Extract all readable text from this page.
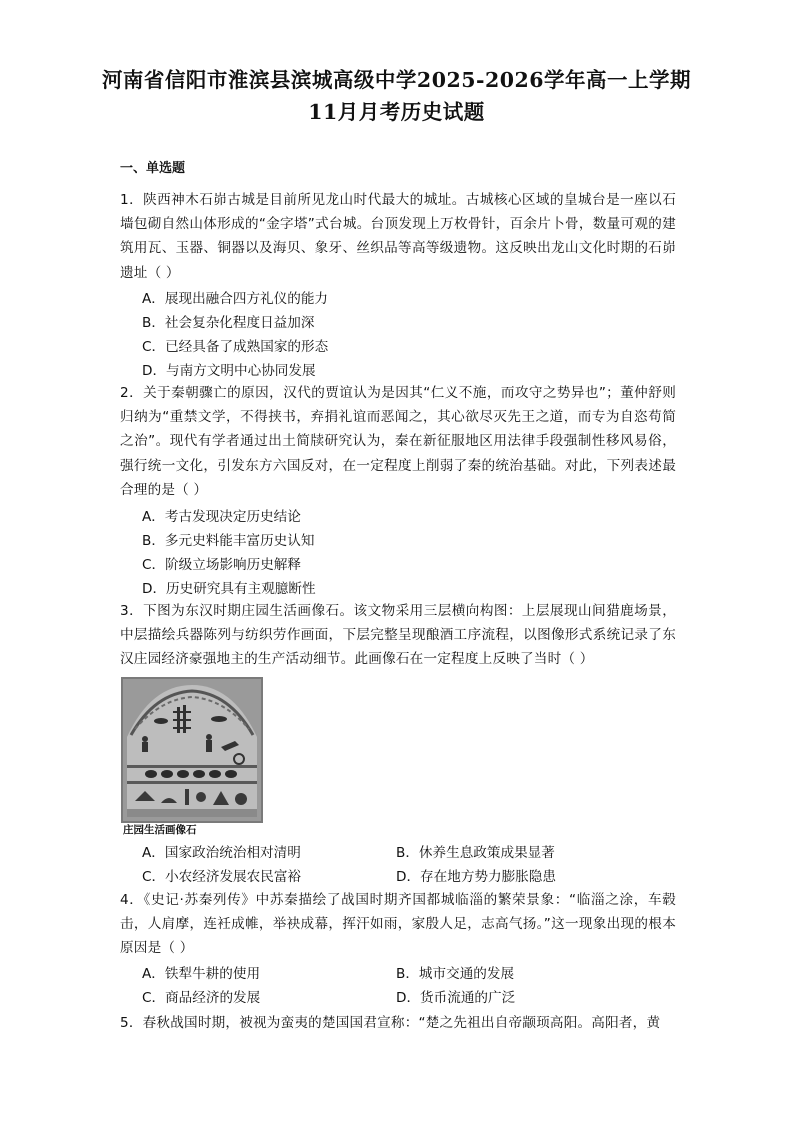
河南省信阳市淮滨县滨城高级中学2025-2026学年高一上学期11月月考历史试题
一、单选题
1．陕西神木石峁古城是目前所见龙山时代最大的城址。古城核心区域的皇城台是一座以石墙包砌自然山体形成的“金字塔”式台城。台顶发现上万枚骨针，百余片卜骨，数量可观的建筑用瓦、玉器、铜器以及海贝、象牙、丝织品等高等级遗物。这反映出龙山文化时期的石峁遗址（ ）
A．展现出融合四方礼仪的能力
B．社会复杂化程度日益加深
C．已经具备了成熟国家的形态
D．与南方文明中心协同发展
2．关于秦朝骤亡的原因，汉代的贾谊认为是因其“仁义不施，而攻守之势异也”；董仲舒则归纳为“重禁文学，不得挟书，弃捐礼谊而恶闻之，其心欲尽灭先王之道，而专为自恣苟简之治”。现代有学者通过出土简牍研究认为，秦在新征服地区用法律手段强制性移风易俗，强行统一文化，引发东方六国反对，在一定程度上削弱了秦的统治基础。对此，下列表述最合理的是（ ）
A．考古发现决定历史结论
B．多元史料能丰富历史认知
C．阶级立场影响历史解释
D．历史研究具有主观臆断性
3．下图为东汉时期庄园生活画像石。该文物采用三层横向构图：上层展现山间猎鹿场景，中层描绘兵器陈列与纺织劳作画面，下层完整呈现酿酒工序流程，以图像形式系统记录了东汉庄园经济豪强地主的生产活动细节。此画像石在一定程度上反映了当时（ ）
庄园生活画像石
A．国家政治统治相对清明	B．休养生息政策成果显著
C．小农经济发展农民富裕	D．存在地方势力膨胀隐患
4．《史记·苏秦列传》中苏秦描绘了战国时期齐国都城临淄的繁荣景象：“临淄之涂，车毂击，人肩摩，连衽成帷，举袂成幕，挥汗如雨，家殷人足，志高气扬。”这一现象出现的根本原因是（ ）
A．铁犁牛耕的使用	B．城市交通的发展
C．商品经济的发展	D．货币流通的广泛
5．春秋战国时期，被视为蛮夷的楚国国君宣称：“楚之先祖出自帝颛顼高阳。高阳者，黄
